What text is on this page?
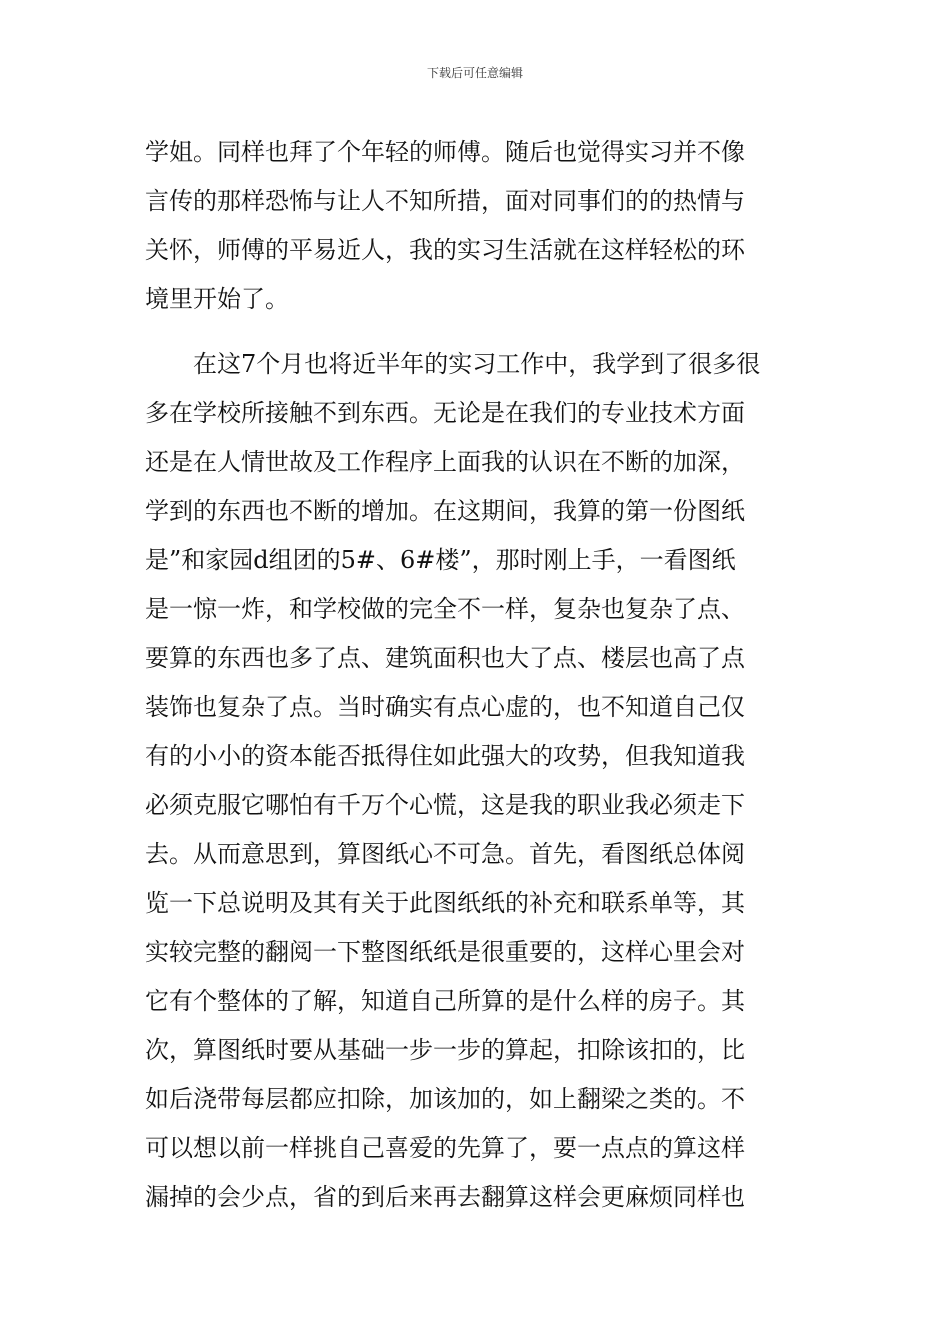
下载后可任意编辑
学姐。同样也拜了个年轻的师傅。随后也觉得实习并不像
言传的那样恐怖与让人不知所措，面对同事们的的热情与
关怀，师傅的平易近人，我的实习生活就在这样轻松的环
境里开始了。
　　在这7个月也将近半年的实习工作中，我学到了很多很
多在学校所接触不到东西。无论是在我们的专业技术方面
还是在人情世故及工作程序上面我的认识在不断的加深，
学到的东西也不断的增加。在这期间，我算的第一份图纸
是”和家园d组团的5#、6#楼”，那时刚上手，一看图纸
是一惊一炸，和学校做的完全不一样，复杂也复杂了点、
要算的东西也多了点、建筑面积也大了点、楼层也高了点
装饰也复杂了点。当时确实有点心虚的，也不知道自己仅
有的小小的资本能否抵得住如此强大的攻势，但我知道我
必须克服它哪怕有千万个心慌，这是我的职业我必须走下
去。从而意思到，算图纸心不可急。首先，看图纸总体阅
览一下总说明及其有关于此图纸纸的补充和联系单等，其
实较完整的翻阅一下整图纸纸是很重要的，这样心里会对
它有个整体的了解，知道自己所算的是什么样的房子。其
次，算图纸时要从基础一步一步的算起，扣除该扣的，比
如后浇带每层都应扣除，加该加的，如上翻梁之类的。不
可以想以前一样挑自己喜爱的先算了，要一点点的算这样
漏掉的会少点，省的到后来再去翻算这样会更麻烦同样也
